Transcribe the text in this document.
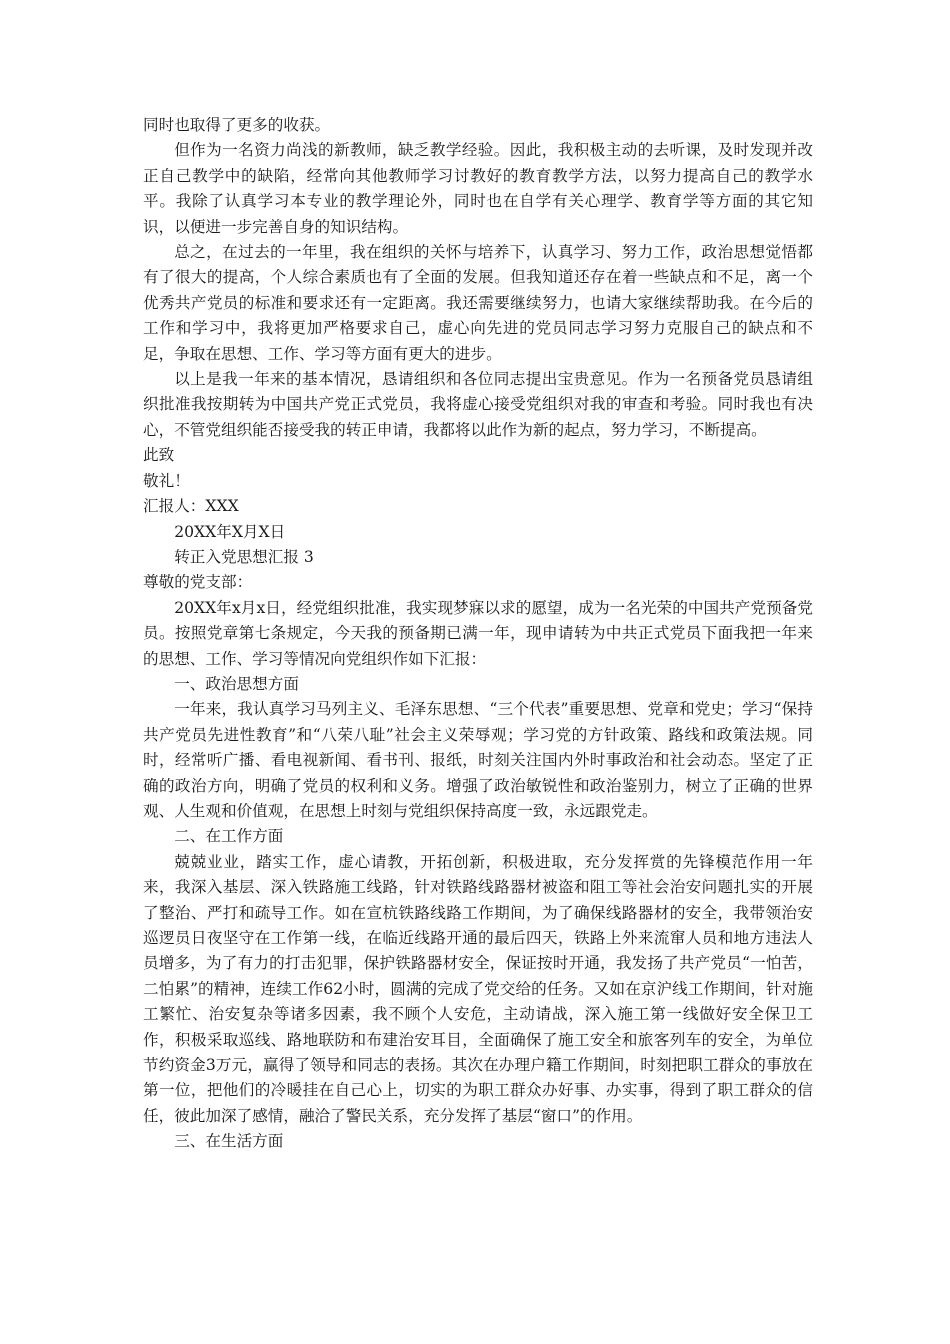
同时也取得了更多的收获。

但作为一名资力尚浅的新教师，缺乏教学经验。因此，我积极主动的去听课，及时发现并改正自己教学中的缺陷，经常向其他教师学习讨教好的教育教学方法，以努力提高自己的教学水平。我除了认真学习本专业的教学理论外，同时也在自学有关心理学、教育学等方面的其它知识，以便进一步完善自身的知识结构。

总之，在过去的一年里，我在组织的关怀与培养下，认真学习、努力工作，政治思想觉悟都有了很大的提高，个人综合素质也有了全面的发展。但我知道还存在着一些缺点和不足，离一个优秀共产党员的标准和要求还有一定距离。我还需要继续努力，也请大家继续帮助我。在今后的工作和学习中，我将更加严格要求自己，虚心向先进的党员同志学习努力克服自己的缺点和不足，争取在思想、工作、学习等方面有更大的进步。

以上是我一年来的基本情况，恳请组织和各位同志提出宝贵意见。作为一名预备党员恳请组织批准我按期转为中国共产党正式党员，我将虚心接受党组织对我的审查和考验。同时我也有决心，不管党组织能否接受我的转正申请，我都将以此作为新的起点，努力学习，不断提高。

此致

敬礼！

汇报人：XXX

20XX年X月X日

转正入党思想汇报 3

尊敬的党支部：

20XX年x月x日，经党组织批准，我实现梦寐以求的愿望，成为一名光荣的中国共产党预备党员。按照党章第七条规定，今天我的预备期已满一年，现申请转为中共正式党员下面我把一年来的思想、工作、学习等情况向党组织作如下汇报：

一、政治思想方面

一年来，我认真学习马列主义、毛泽东思想、“三个代表”重要思想、党章和党史；学习“保持共产党员先进性教育”和“八荣八耻”社会主义荣辱观；学习党的方针政策、路线和政策法规。同时，经常听广播、看电视新闻、看书刊、报纸，时刻关注国内外时事政治和社会动态。坚定了正确的政治方向，明确了党员的权利和义务。增强了政治敏锐性和政治鉴别力，树立了正确的世界观、人生观和价值观，在思想上时刻与党组织保持高度一致，永远跟党走。

二、在工作方面

兢兢业业，踏实工作，虚心请教，开拓创新，积极进取，充分发挥赏的先锋模范作用一年来，我深入基层、深入铁路施工线路，针对铁路线路器材被盗和阻工等社会治安问题扎实的开展了整治、严打和疏导工作。如在宣杭铁路线路工作期间，为了确保线路器材的安全，我带领治安巡逻员日夜坚守在工作第一线，在临近线路开通的最后四天，铁路上外来流窜人员和地方违法人员增多，为了有力的打击犯罪，保护铁路器材安全，保证按时开通，我发扬了共产党员“一怕苦，二怕累”的精神，连续工作62小时，圆满的完成了党交给的任务。又如在京沪线工作期间，针对施工繁忙、治安复杂等诸多因素，我不顾个人安危，主动请战，深入施工第一线做好安全保卫工作，积极采取巡线、路地联防和布建治安耳目，全面确保了施工安全和旅客列车的安全，为单位节约资金3万元，赢得了领导和同志的表扬。其次在办理户籍工作期间，时刻把职工群众的事放在第一位，把他们的冷暖挂在自己心上，切实的为职工群众办好事、办实事，得到了职工群众的信任，彼此加深了感情，融洽了警民关系，充分发挥了基层“窗口”的作用。

三、在生活方面
